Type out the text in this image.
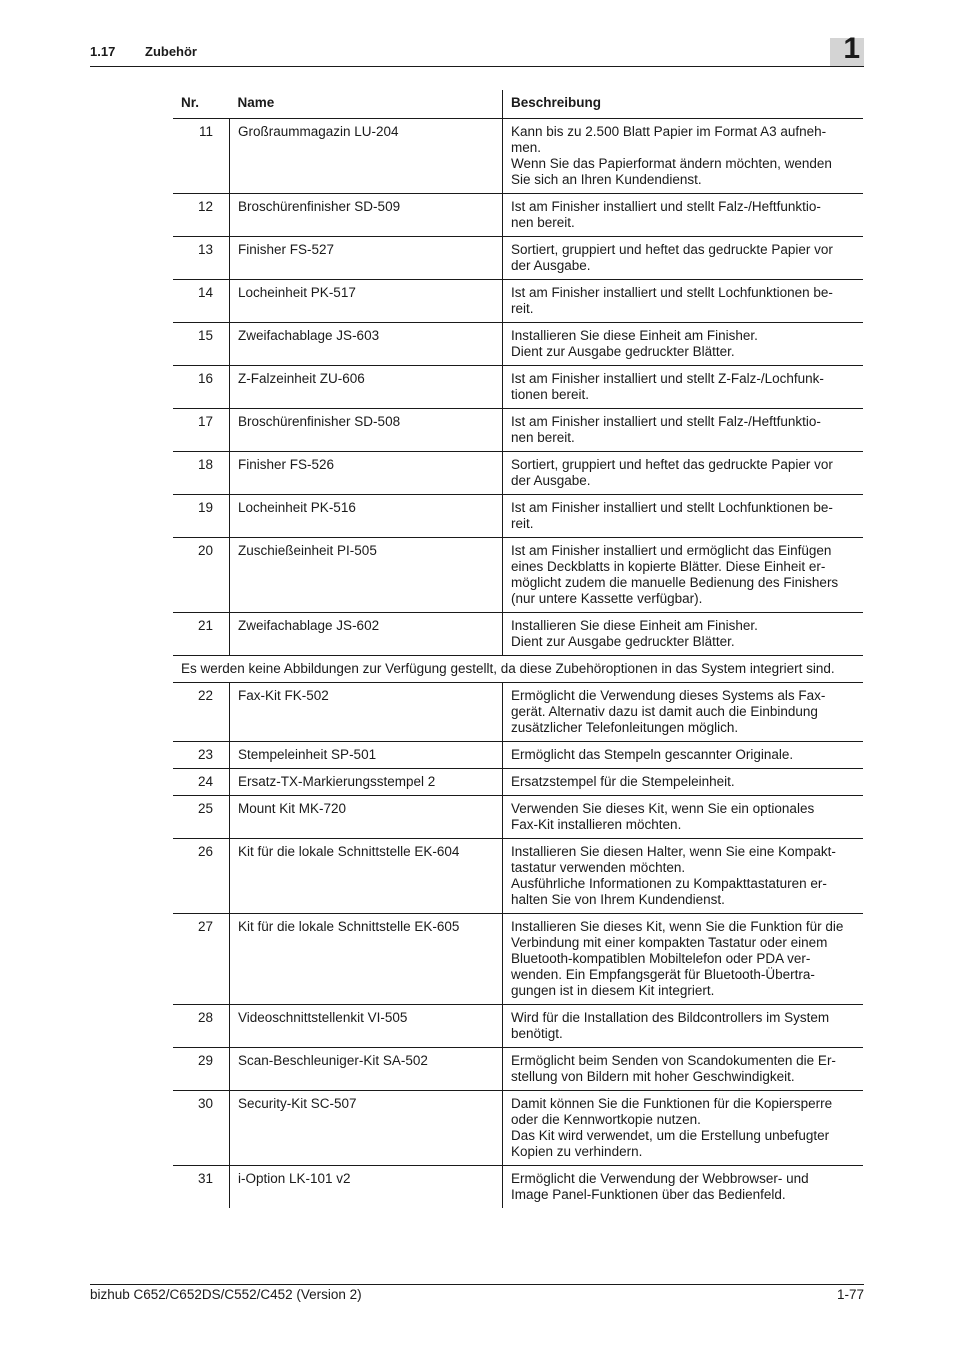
1.17 Zubehör	1
Nr.	Name	Beschreibung
11	Großraummagazin LU-204	Kann bis zu 2.500 Blatt Papier im Format A3 aufneh-
men.
Wenn Sie das Papierformat ändern möchten, wenden
Sie sich an Ihren Kundendienst.

12	Broschürenfinisher SD-509	Ist am Finisher installiert und stellt Falz-/Heftfunktio-
nen bereit.

13	Finisher FS-527	Sortiert, gruppiert und heftet das gedruckte Papier vor
der Ausgabe.

14	Locheinheit PK-517	Ist am Finisher installiert und stellt Lochfunktionen be-
reit.

15	Zweifachablage JS-603	Installieren Sie diese Einheit am Finisher.
Dient zur Ausgabe gedruckter Blätter.

16	Z-Falzeinheit ZU-606	Ist am Finisher installiert und stellt Z-Falz-/Lochfunk-
tionen bereit.

17	Broschürenfinisher SD-508	Ist am Finisher installiert und stellt Falz-/Heftfunktio-
nen bereit.

18	Finisher FS-526	Sortiert, gruppiert und heftet das gedruckte Papier vor
der Ausgabe.

19	Locheinheit PK-516	Ist am Finisher installiert und stellt Lochfunktionen be-
reit.

20	Zuschießeinheit PI-505	Ist am Finisher installiert und ermöglicht das Einfügen
eines Deckblatts in kopierte Blätter. Diese Einheit er-
möglicht zudem die manuelle Bedienung des Finishers
(nur untere Kassette verfügbar).

21	Zweifachablage JS-602	Installieren Sie diese Einheit am Finisher.
Dient zur Ausgabe gedruckter Blätter.

Es werden keine Abbildungen zur Verfügung gestellt, da diese Zubehöroptionen in das System integriert sind.		
22	Fax-Kit FK-502	Ermöglicht die Verwendung dieses Systems als Fax-
gerät. Alternativ dazu ist damit auch die Einbindung
zusätzlicher Telefonleitungen möglich.

23	Stempeleinheit SP-501	Ermöglicht das Stempeln gescannter Originale.

24	Ersatz-TX-Markierungsstempel 2	Ersatzstempel für die Stempeleinheit.

25	Mount Kit MK-720	Verwenden Sie dieses Kit, wenn Sie ein optionales
Fax-Kit installieren möchten.

26	Kit für die lokale Schnittstelle EK-604	Installieren Sie diesen Halter, wenn Sie eine Kompakt-
tastatur verwenden möchten.
Ausführliche Informationen zu Kompakttastaturen er-
halten Sie von Ihrem Kundendienst.

27	Kit für die lokale Schnittstelle EK-605	Installieren Sie dieses Kit, wenn Sie die Funktion für die
Verbindung mit einer kompakten Tastatur oder einem
Bluetooth-kompatiblen Mobiltelefon oder PDA ver-
wenden. Ein Empfangsgerät für Bluetooth-Übertra-
gungen ist in diesem Kit integriert.

28	Videoschnittstellenkit VI-505	Wird für die Installation des Bildcontrollers im System
benötigt.

29	Scan-Beschleuniger-Kit SA-502	Ermöglicht beim Senden von Scandokumenten die Er-
stellung von Bildern mit hoher Geschwindigkeit.

30	Security-Kit SC-507	Damit können Sie die Funktionen für die Kopiersperre
oder die Kennwortkopie nutzen.
Das Kit wird verwendet, um die Erstellung unbefugter
Kopien zu verhindern.

31	i-Option LK-101 v2	Ermöglicht die Verwendung der Webbrowser- und
Image Panel-Funktionen über das Bedienfeld.
bizhub C652/C652DS/C552/C452 (Version 2)	1-77
